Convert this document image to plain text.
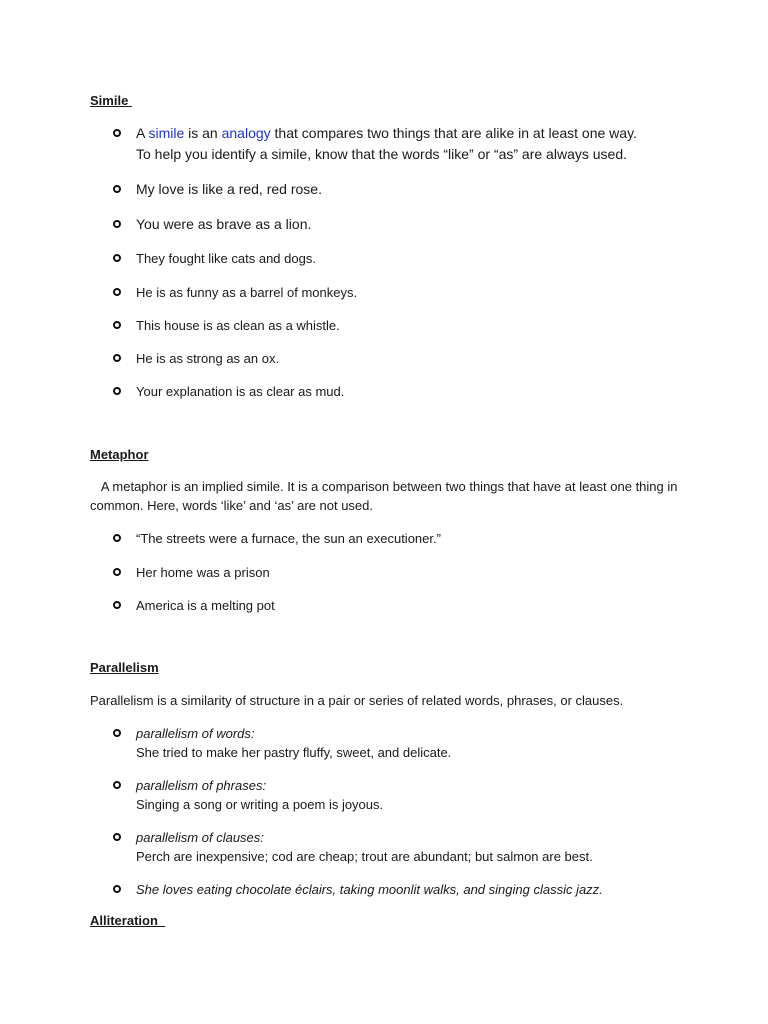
Simile
A simile is an analogy that compares two things that are alike in at least one way.
To help you identify a simile, know that the words “like” or “as” are always used.
My love is like a red, red rose.
You were as brave as a lion.
They fought like cats and dogs.
He is as funny as a barrel of monkeys.
This house is as clean as a whistle.
He is as strong as an ox.
Your explanation is as clear as mud.
Metaphor
A metaphor is an implied simile. It is a comparison between two things that have at least one thing in common. Here, words ‘like’ and ‘as’ are not used.
“The streets were a furnace, the sun an executioner.”
Her home was a prison
America is a melting pot
Parallelism
Parallelism is a similarity of structure in a pair or series of related words, phrases, or clauses.
parallelism of words:
She tried to make her pastry fluffy, sweet, and delicate.
parallelism of phrases:
Singing a song or writing a poem is joyous.
parallelism of clauses:
Perch are inexpensive; cod are cheap; trout are abundant; but salmon are best.
She loves eating chocolate éclairs, taking moonlit walks, and singing classic jazz.
Alliteration
